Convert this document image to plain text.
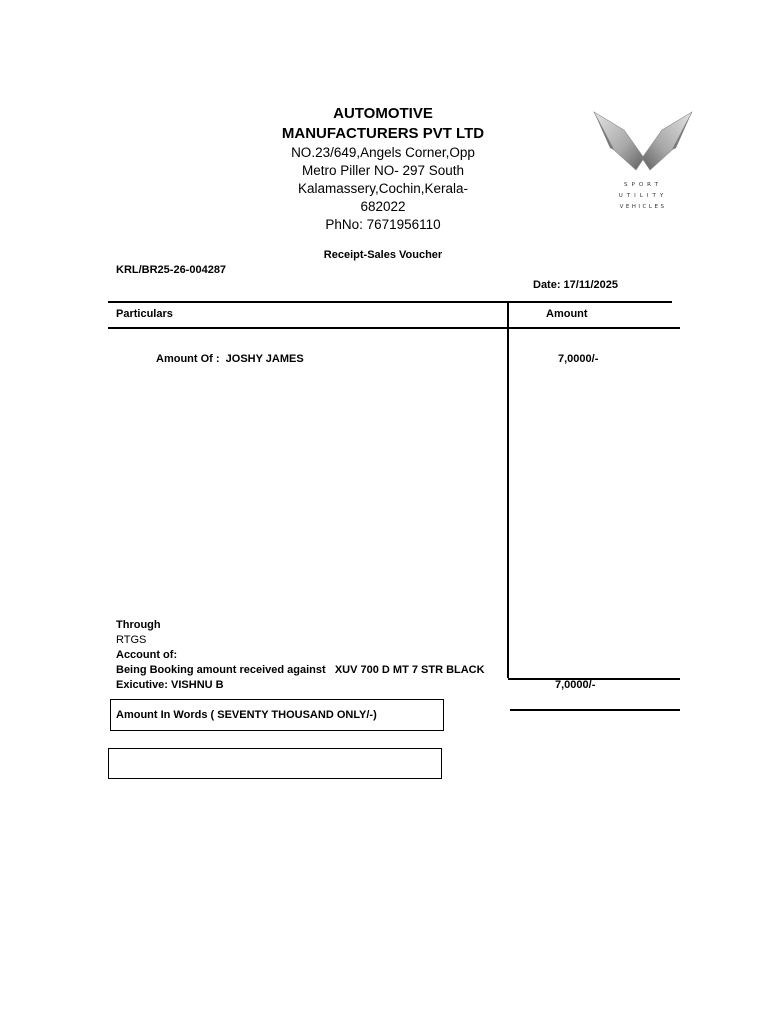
AUTOMOTIVE
MANUFACTURERS PVT LTD
NO.23/649,Angels Corner,Opp
Metro Piller NO- 297 South
Kalamassery,Cochin,Kerala-
682022
PhNo: 7671956110
SPORT
UTILITY
VEHICLES
Receipt-Sales Voucher
KRL/BR25-26-004287
Date: 17/11/2025
Particulars	Amount
Amount Of :  JOSHY JAMES	7,0000/-
Through
RTGS
Account of:
Being Booking amount received against   XUV 700 D MT 7 STR BLACK
Exicutive: VISHNU B	7,0000/-
Amount In Words ( SEVENTY THOUSAND ONLY/-)
